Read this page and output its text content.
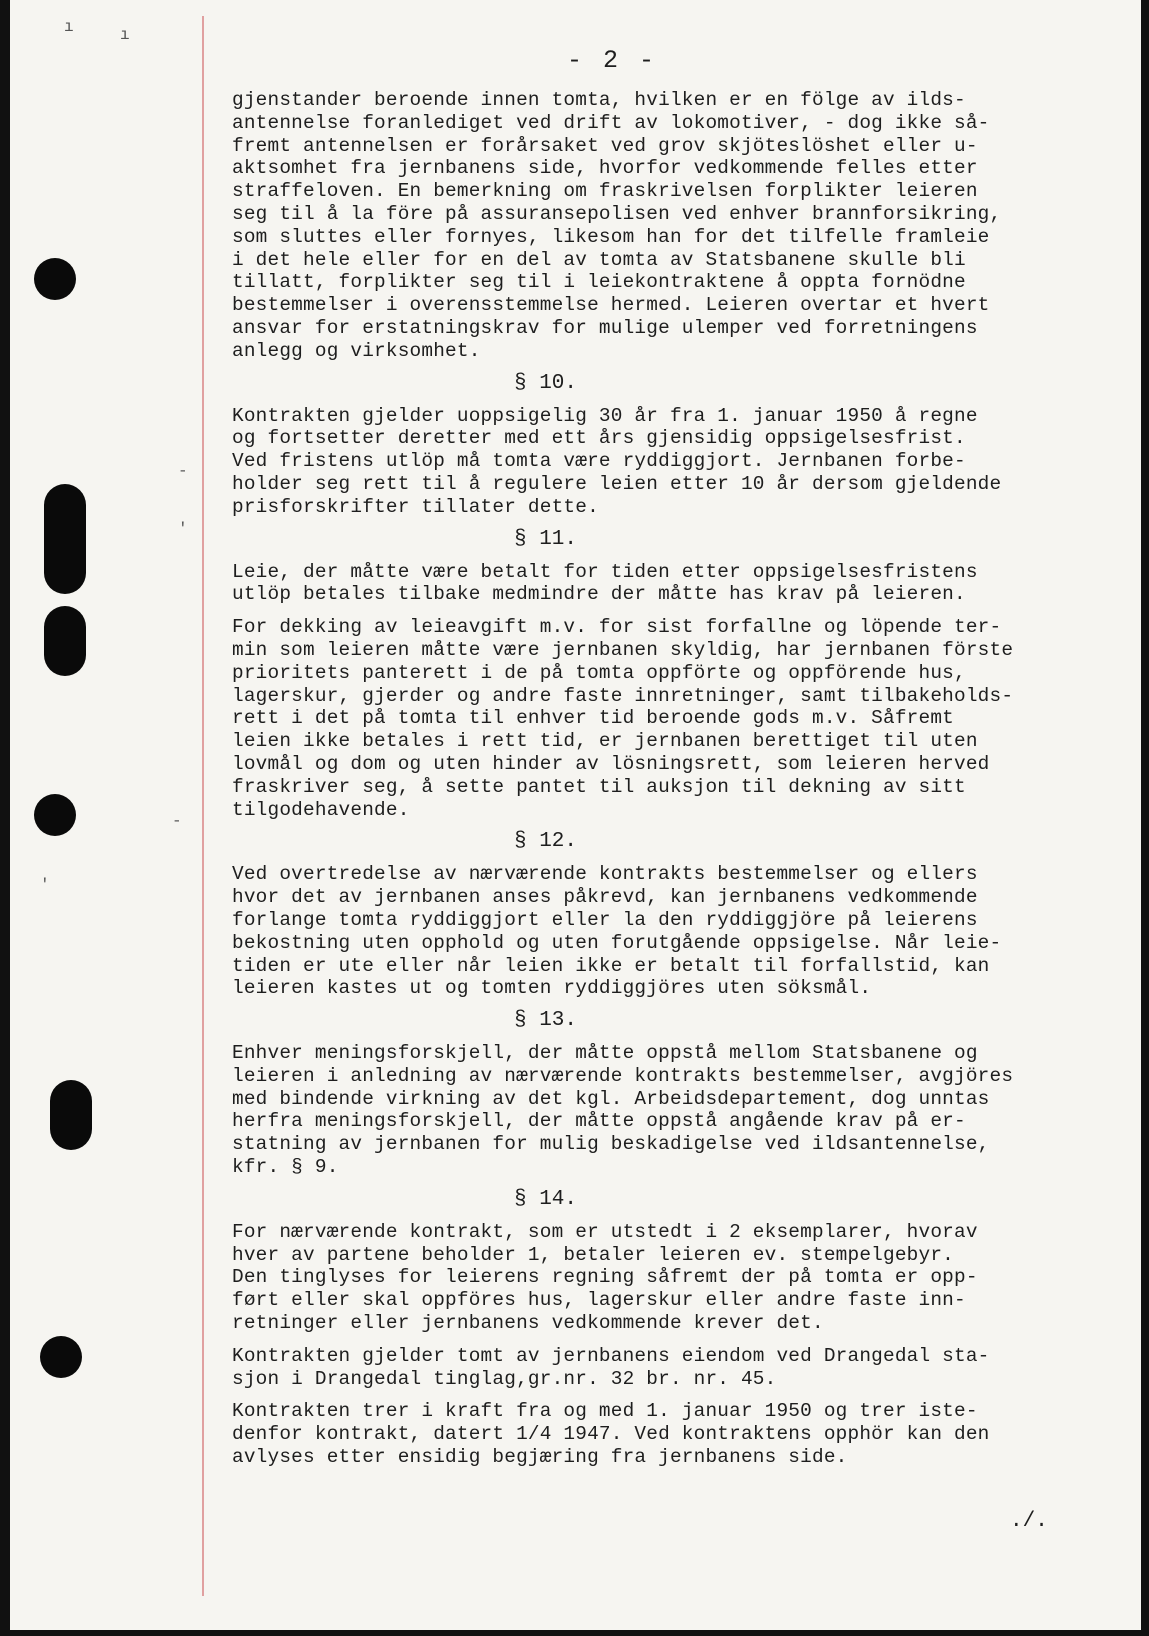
ı	ı
-
'
-
'
- 2 -
gjenstander beroende innen tomta, hvilken er en fölge av ilds-
antennelse foranlediget ved drift av lokomotiver, - dog ikke så-
fremt antennelsen er forårsaket ved grov skjöteslöshet eller u-
aktsomhet fra jernbanens side, hvorfor vedkommende felles etter
straffeloven. En bemerkning om fraskrivelsen forplikter leieren
seg til å la före på assuransepolisen ved enhver brannforsikring,
som sluttes eller fornyes, likesom han for det tilfelle framleie
i det hele eller for en del av tomta av Statsbanene skulle bli
tillatt, forplikter seg til i leiekontraktene å oppta fornödne
bestemmelser i overensstemmelse hermed. Leieren overtar et hvert
ansvar for erstatningskrav for mulige ulemper ved forretningens
anlegg og virksomhet.
§ 10.
Kontrakten gjelder uoppsigelig 30 år fra 1. januar 1950 å regne
og fortsetter deretter med ett års gjensidig oppsigelsesfrist.
Ved fristens utlöp må tomta være ryddiggjort. Jernbanen forbe-
holder seg rett til å regulere leien etter 10 år dersom gjeldende
prisforskrifter tillater dette.
§ 11.
Leie, der måtte være betalt for tiden etter oppsigelsesfristens
utlöp betales tilbake medmindre der måtte has krav på leieren.
For dekking av leieavgift m.v. for sist forfallne og löpende ter-
min som leieren måtte være jernbanen skyldig, har jernbanen förste
prioritets panterett i de på tomta oppförte og oppförende hus,
lagerskur, gjerder og andre faste innretninger, samt tilbakeholds-
rett i det på tomta til enhver tid beroende gods m.v. Såfremt
leien ikke betales i rett tid, er jernbanen berettiget til uten
lovmål og dom og uten hinder av lösningsrett, som leieren herved
fraskriver seg, å sette pantet til auksjon til dekning av sitt
tilgodehavende.
§ 12.
Ved overtredelse av nærværende kontrakts bestemmelser og ellers
hvor det av jernbanen anses påkrevd, kan jernbanens vedkommende
forlange tomta ryddiggjort eller la den ryddiggjöre på leierens
bekostning uten opphold og uten forutgående oppsigelse. Når leie-
tiden er ute eller når leien ikke er betalt til forfallstid, kan
leieren kastes ut og tomten ryddiggjöres uten söksmål.
§ 13.
Enhver meningsforskjell, der måtte oppstå mellom Statsbanene og
leieren i anledning av nærværende kontrakts bestemmelser, avgjöres
med bindende virkning av det kgl. Arbeidsdepartement, dog unntas
herfra meningsforskjell, der måtte oppstå angående krav på er-
statning av jernbanen for mulig beskadigelse ved ildsantennelse,
kfr. § 9.
§ 14.
For nærværende kontrakt, som er utstedt i 2 eksemplarer, hvorav
hver av partene beholder 1, betaler leieren ev. stempelgebyr.
Den tinglyses for leierens regning såfremt der på tomta er opp-
ført eller skal oppföres hus, lagerskur eller andre faste inn-
retninger eller jernbanens vedkommende krever det.
Kontrakten gjelder tomt av jernbanens eiendom ved Drangedal sta-
sjon i Drangedal tinglag,gr.nr. 32 br. nr. 45.
Kontrakten trer i kraft fra og med 1. januar 1950 og trer iste-
denfor kontrakt, datert 1/4 1947. Ved kontraktens opphör kan den
avlyses etter ensidig begjæring fra jernbanens side.
./.
